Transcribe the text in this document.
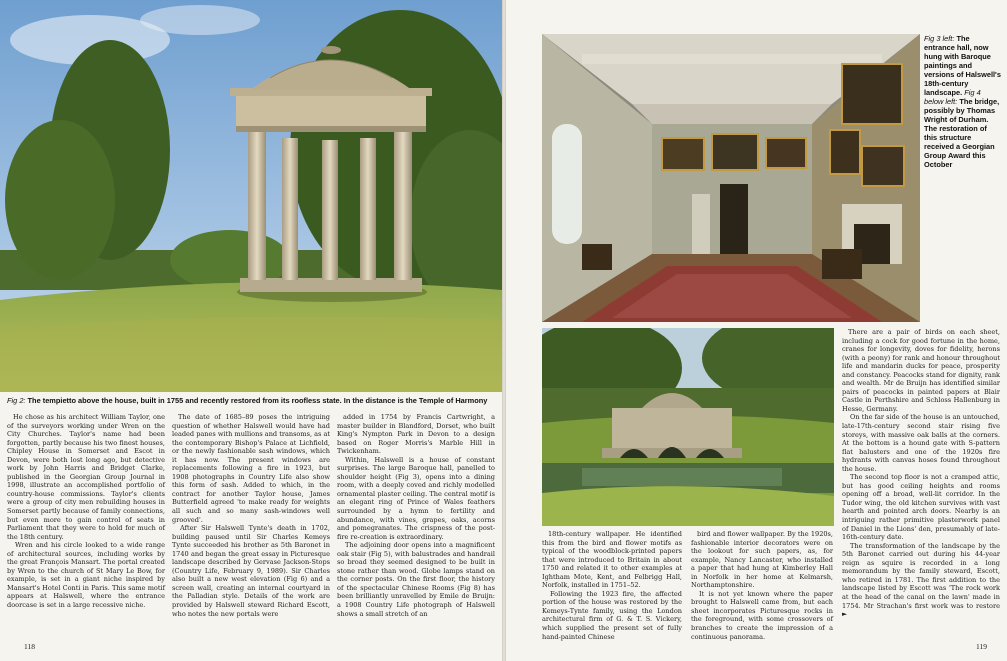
Fig 2: The tempietto above the house, built in 1755 and recently restored from its roofless state. In the distance is the Temple of Harmony

He chose as his architect William Taylor, one of the surveyors working under Wren on the City Churches. Taylor's name had been forgotten, partly because his two finest houses, Chipley House in Somerset and Escot in Devon, were both lost long ago, but detective work by John Harris and Bridget Clarke, published in the Georgian Group Journal in 1998, illustrate an accomplished portfolio of country-house commissions. Taylor's clients were a group of city men rebuilding houses in Somerset partly because of family connections, but even more to gain control of seats in Parliament that they were to hold for much of the 18th century.

Wren and his circle looked to a wide range of architectural sources, including works by the great François Mansart. The portal created by Wren to the church of St Mary Le Bow, for example, is set in a giant niche inspired by Mansart's Hotel Conti in Paris. This same motif appears at Halswell, where the entrance doorcase is set in a large recessive niche.

The date of 1685–89 poses the intriguing question of whether Halswell would have had leaded panes with mullions and transoms, as at the contemporary Bishop's Palace at Lichfield, or the newly fashionable sash windows, which it has now. The present windows are replacements following a fire in 1923, but 1908 photographs in Country Life also show this form of sash. Added to which, in the contract for another Taylor house, James Butterfield agreed 'to make ready for weights all such and so many sash-windows well grooved'.

After Sir Halswell Tynte's death in 1702, building paused until Sir Charles Kemeys Tynte succeeded his brother as 5th Baronet in 1740 and began the great essay in Picturesque landscape described by Gervase Jackson-Stops (Country Life, February 9, 1989). Sir Charles also built a new west elevation (Fig 6) and a screen wall, creating an internal courtyard in the Palladian style. Details of the work are provided by Halswell steward Richard Escott, who notes the new portals were

added in 1754 by Francis Cartwright, a master builder in Blandford, Dorset, who built King's Nympton Park in Devon to a design based on Roger Morris's Marble Hill in Twickenham.

Within, Halswell is a house of constant surprises. The large Baroque hall, panelled to shoulder height (Fig 3), opens into a dining room, with a deeply coved and richly modelled ornamental plaster ceiling. The central motif is an elegant ring of Prince of Wales feathers surrounded by a hymn to fertility and abundance, with vines, grapes, oaks, acorns and pomegranates. The crispness of the post-fire re-creation is extraordinary.

The adjoining door opens into a magnificent oak stair (Fig 5), with balustrades and handrail so broad they seemed designed to be built in stone rather than wood. Globe lamps stand on the corner posts. On the first floor, the history of the spectacular Chinese Rooms (Fig 8) has been brilliantly unravelled by Emile de Bruijn: a 1908 Country Life photograph of Halswell shows a small stretch of an

118
Fig 3 left: The entrance hall, now hung with Baroque paintings and versions of Halswell's 18th-century landscape. Fig 4 below left: The bridge, possibly by Thomas Wright of Durham. The restoration of this structure received a Georgian Group Award this October

18th-century wallpaper. He identified this from the bird and flower motifs as typical of the woodblock-printed papers that were introduced to Britain in about 1750 and related it to other examples at Ightham Mote, Kent, and Felbrigg Hall, Norfolk, installed in 1751–52.

Following the 1923 fire, the affected portion of the house was restored by the Kemeys-Tynte family, using the London architectural firm of G. & T. S. Vickery, which supplied the present set of fully hand-painted Chinese

bird and flower wallpaper. By the 1920s, fashionable interior decorators were on the lookout for such papers, as, for example, Nancy Lancaster, who installed a paper that had hung at Kimberley Hall in Norfolk in her home at Kelmarsh, Northamptonshire.

It is not yet known where the paper brought to Halswell came from, but each sheet incorporates Picturesque rocks in the foreground, with some crossovers of branches to create the impression of a continuous panorama.

There are a pair of birds on each sheet, including a cock for good fortune in the home, cranes for longevity, doves for fidelity, herons (with a peony) for rank and honour throughout life and mandarin ducks for peace, prosperity and constancy. Peacocks stand for dignity, rank and wealth. Mr de Bruijn has identified similar pairs of peacocks in painted papers at Blair Castle in Perthshire and Schloss Hallenburg in Hesse, Germany.

On the far side of the house is an untouched, late-17th-century second stair rising five storeys, with massive oak balls at the corners. At the bottom is a hound gate with S-pattern flat balusters and one of the 1920s fire hydrants with canvas hoses found throughout the house.

The second top floor is not a cramped attic, but has good ceiling heights and rooms opening off a broad, well-lit corridor. In the Tudor wing, the old kitchen survives with vast hearth and pointed arch doors. Nearby is an intriguing rather primitive plasterwork panel of Daniel in the Lions' den, presumably of late-16th-century date.

The transformation of the landscape by the 5th Baronet carried out during his 44-year reign as squire is recorded in a long memorandum by the family steward, Escott, who retired in 1781. The first addition to the landscape listed by Escott was 'The rock work at the head of the canal on the lawn' made in 1754. Mr Strachan's first work was to restore ►

119
